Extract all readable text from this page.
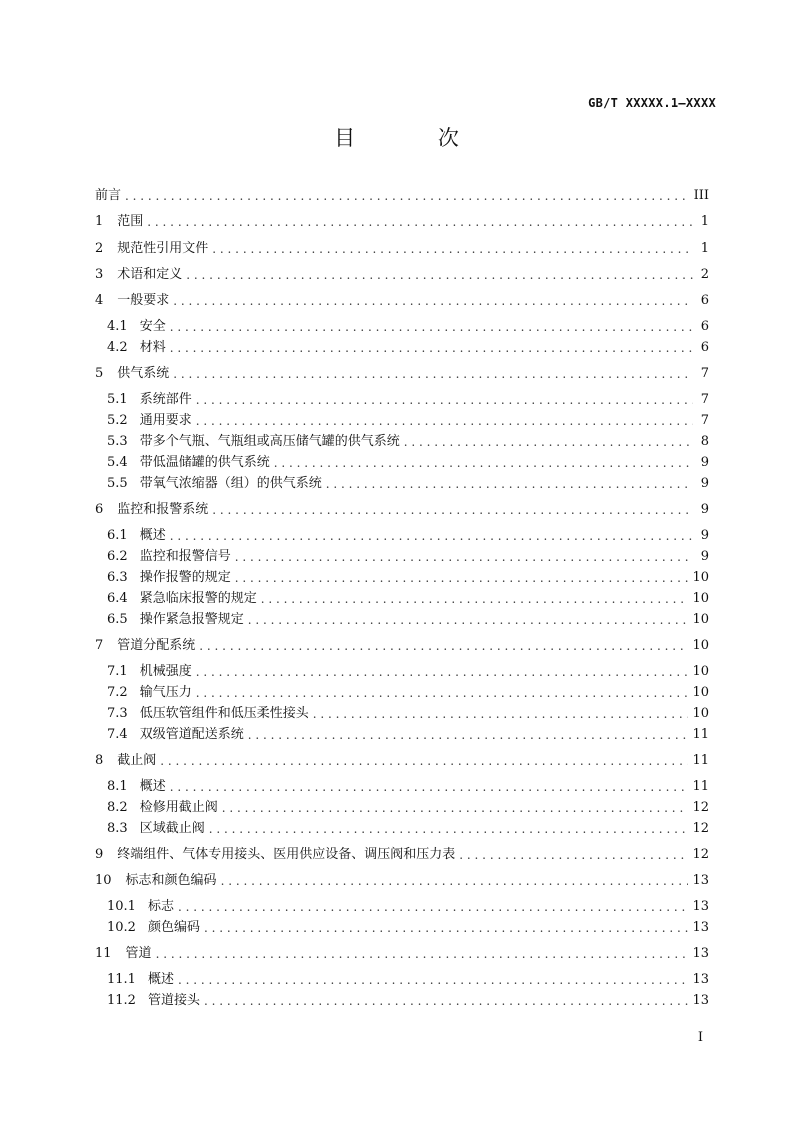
GB/T XXXXX.1—XXXX
目 次
前言 . . .	III
1 范围 . . .	1
2 规范性引用文件 . . .	1
3 术语和定义 . . .	2
4 一般要求 . . .	6
4.1 安全 . . .	6
4.2 材料 . . .	6
5 供气系统 . . .	7
5.1 系统部件 . . .	7
5.2 通用要求 . . .	7
5.3 带多个气瓶、气瓶组或高压储气罐的供气系统 . . .	8
5.4 带低温储罐的供气系统 . . .	9
5.5 带氧气浓缩器（组）的供气系统 . . .	9
6 监控和报警系统 . . .	9
6.1 概述 . . .	9
6.2 监控和报警信号 . . .	9
6.3 操作报警的规定 . . .	10
6.4 紧急临床报警的规定 . . .	10
6.5 操作紧急报警规定 . . .	10
7 管道分配系统 . . .	10
7.1 机械强度 . . .	10
7.2 输气压力 . . .	10
7.3 低压软管组件和低压柔性接头 . . .	10
7.4 双级管道配送系统 . . .	11
8 截止阀 . . .	11
8.1 概述 . . .	11
8.2 检修用截止阀 . . .	12
8.3 区域截止阀 . . .	12
9 终端组件、气体专用接头、医用供应设备、调压阀和压力表 . . .	12
10 标志和颜色编码 . . .	13
10.1 标志 . . .	13
10.2 颜色编码 . . .	13
11 管道 . . .	13
11.1 概述 . . .	13
11.2 管道接头 . . .	13
I
